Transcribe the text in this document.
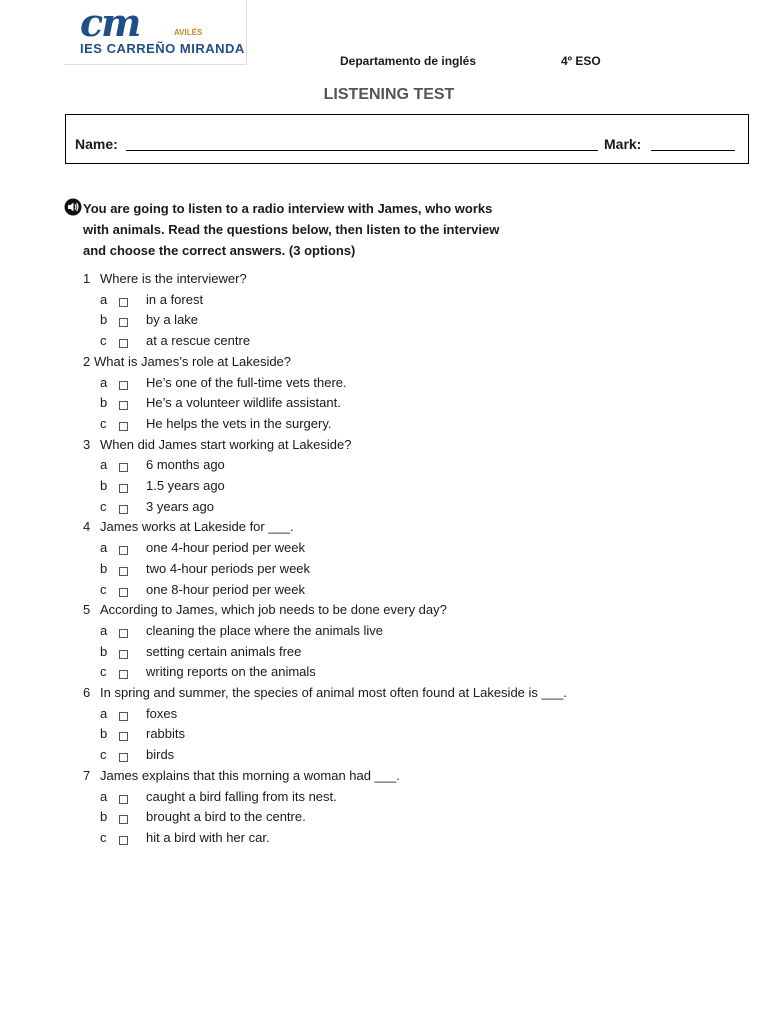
cm	AVILÉS
IES CARREÑO MIRANDA
Departamento de inglés	4º ESO
LISTENING TEST
Name:	Mark:
You are going to listen to a radio interview with James, who works
with animals. Read the questions below, then listen to the interview
and choose the correct answers. (3 options)
1 Where is the interviewer?
a	in a forest
b	by a lake
c	at a rescue centre
2 What is James’s role at Lakeside?
a	He’s one of the full-time vets there.
b	He’s a volunteer wildlife assistant.
c	He helps the vets in the surgery.
3 When did James start working at Lakeside?
a	6 months ago
b	1.5 years ago
c	3 years ago
4 James works at Lakeside for ___.
a	one 4-hour period per week
b	two 4-hour periods per week
c	one 8-hour period per week
5 According to James, which job needs to be done every day?
a	cleaning the place where the animals live
b	setting certain animals free
c	writing reports on the animals
6 In spring and summer, the species of animal most often found at Lakeside is ___.
a	foxes
b	rabbits
c	birds
7 James explains that this morning a woman had ___.
a	caught a bird falling from its nest.
b	brought a bird to the centre.
c	hit a bird with her car.
